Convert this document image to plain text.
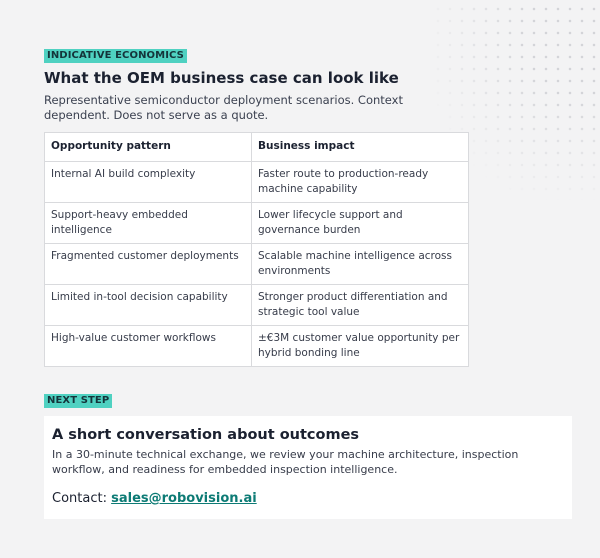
INDICATIVE ECONOMICS
What the OEM business case can look like
Representative semiconductor deployment scenarios. Context dependent. Does not serve as a quote.
Opportunity pattern	Business impact
Internal AI build complexity	Faster route to production-ready machine capability
Support-heavy embedded intelligence	Lower lifecycle support and governance burden
Fragmented customer deployments	Scalable machine intelligence across environments
Limited in-tool decision capability	Stronger product differentiation and strategic tool value
High-value customer workflows	±€3M customer value opportunity per hybrid bonding line
NEXT STEP
A short conversation about outcomes
In a 30-minute technical exchange, we review your machine architecture, inspection workflow, and readiness for embedded inspection intelligence.
Contact: sales@robovision.ai
